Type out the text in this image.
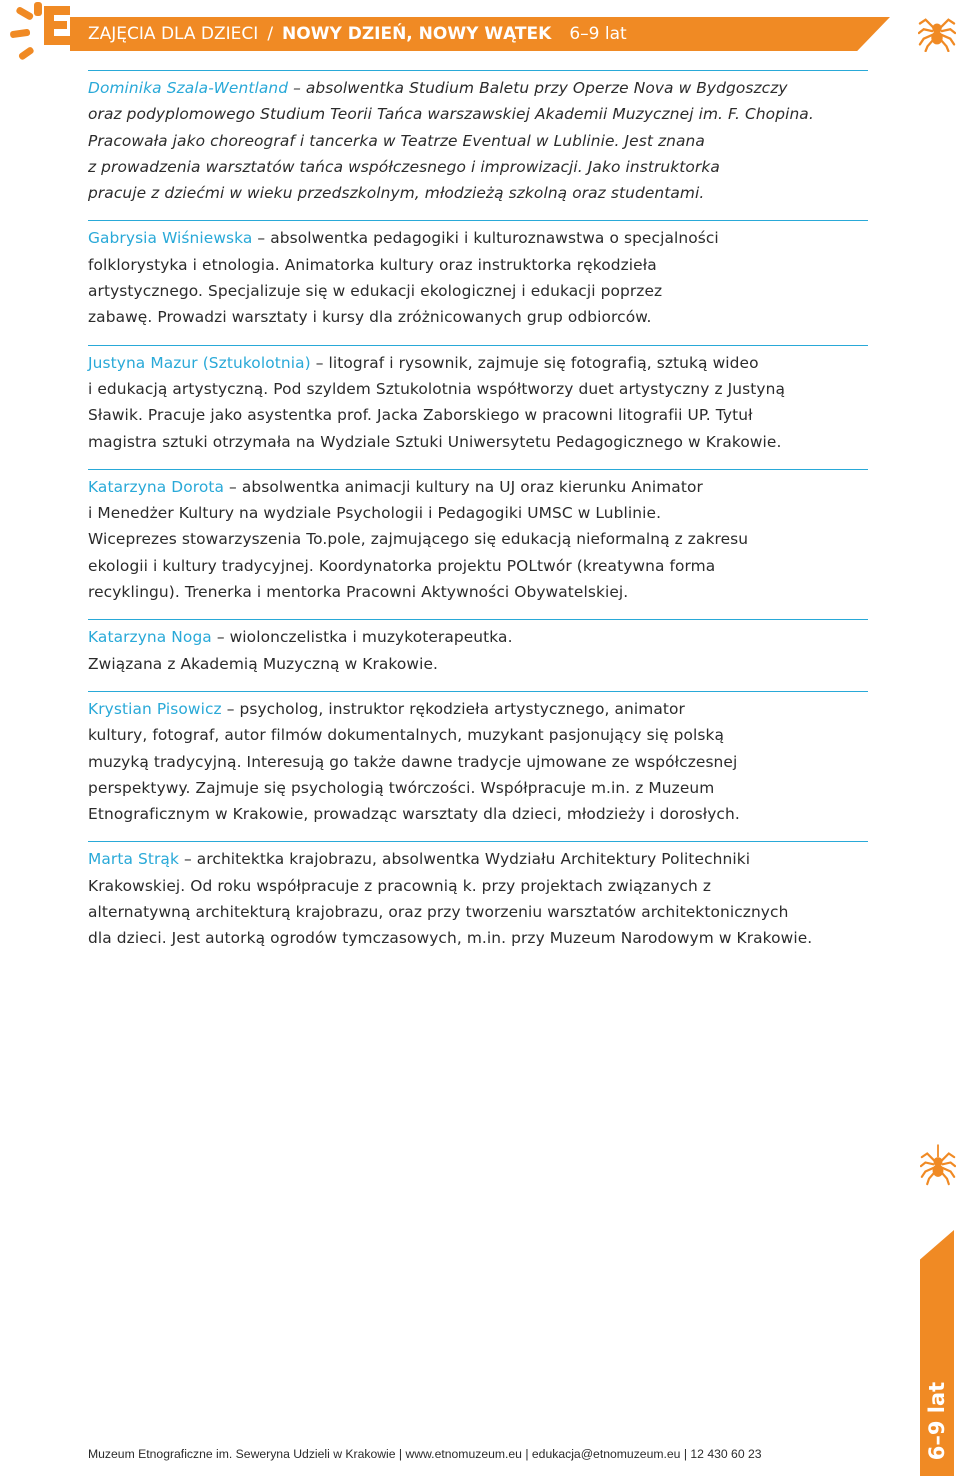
ZAJĘCIA DLA DZIECI / NOWY DZIEŃ, NOWY WĄTEK 6–9 lat

Dominika Szala-Wentland – absolwentka Studium Baletu przy Operze Nova w Bydgoszczy
oraz podyplomowego Studium Teorii Tańca warszawskiej Akademii Muzycznej im. F. Chopina.
Pracowała jako choreograf i tancerka w Teatrze Eventual w Lublinie. Jest znana
z prowadzenia warsztatów tańca współczesnego i improwizacji. Jako instruktorka
pracuje z dziećmi w wieku przedszkolnym, młodzieżą szkolną oraz studentami.

Gabrysia Wiśniewska – absolwentka pedagogiki i kulturoznawstwa o specjalności
folklorystyka i etnologia. Animatorka kultury oraz instruktorka rękodzieła
artystycznego. Specjalizuje się w edukacji ekologicznej i edukacji poprzez
zabawę. Prowadzi warsztaty i kursy dla zróżnicowanych grup odbiorców.

Justyna Mazur (Sztukolotnia) – litograf i rysownik, zajmuje się fotografią, sztuką wideo
i edukacją artystyczną. Pod szyldem Sztukolotnia współtworzy duet artystyczny z Justyną
Sławik. Pracuje jako asystentka prof. Jacka Zaborskiego w pracowni litografii UP. Tytuł
magistra sztuki otrzymała na Wydziale Sztuki Uniwersytetu Pedagogicznego w Krakowie.

Katarzyna Dorota – absolwentka animacji kultury na UJ oraz kierunku Animator
i Menedżer Kultury na wydziale Psychologii i Pedagogiki UMSC w Lublinie.
Wiceprezes stowarzyszenia To.pole, zajmującego się edukacją nieformalną z zakresu
ekologii i kultury tradycyjnej. Koordynatorka projektu POLtwór (kreatywna forma
recyklingu). Trenerka i mentorka Pracowni Aktywności Obywatelskiej.

Katarzyna Noga – wiolonczelistka i muzykoterapeutka.
Związana z Akademią Muzyczną w Krakowie.

Krystian Pisowicz – psycholog, instruktor rękodzieła artystycznego, animator
kultury, fotograf, autor filmów dokumentalnych, muzykant pasjonujący się polską
muzyką tradycyjną. Interesują go także dawne tradycje ujmowane ze współczesnej
perspektywy. Zajmuje się psychologią twórczości. Współpracuje m.in. z Muzeum
Etnograficznym w Krakowie, prowadząc warsztaty dla dzieci, młodzieży i dorosłych.

Marta Strąk – architektka krajobrazu, absolwentka Wydziału Architektury Politechniki
Krakowskiej. Od roku współpracuje z pracownią k. przy projektach związanych z
alternatywną architekturą krajobrazu, oraz przy tworzeniu warsztatów architektonicznych
dla dzieci. Jest autorką ogrodów tymczasowych, m.in. przy Muzeum Narodowym w Krakowie.

6–9 lat
Muzeum Etnograficzne im. Seweryna Udzieli w Krakowie | www.etnomuzeum.eu | edukacja@etnomuzeum.eu | 12 430 60 23
